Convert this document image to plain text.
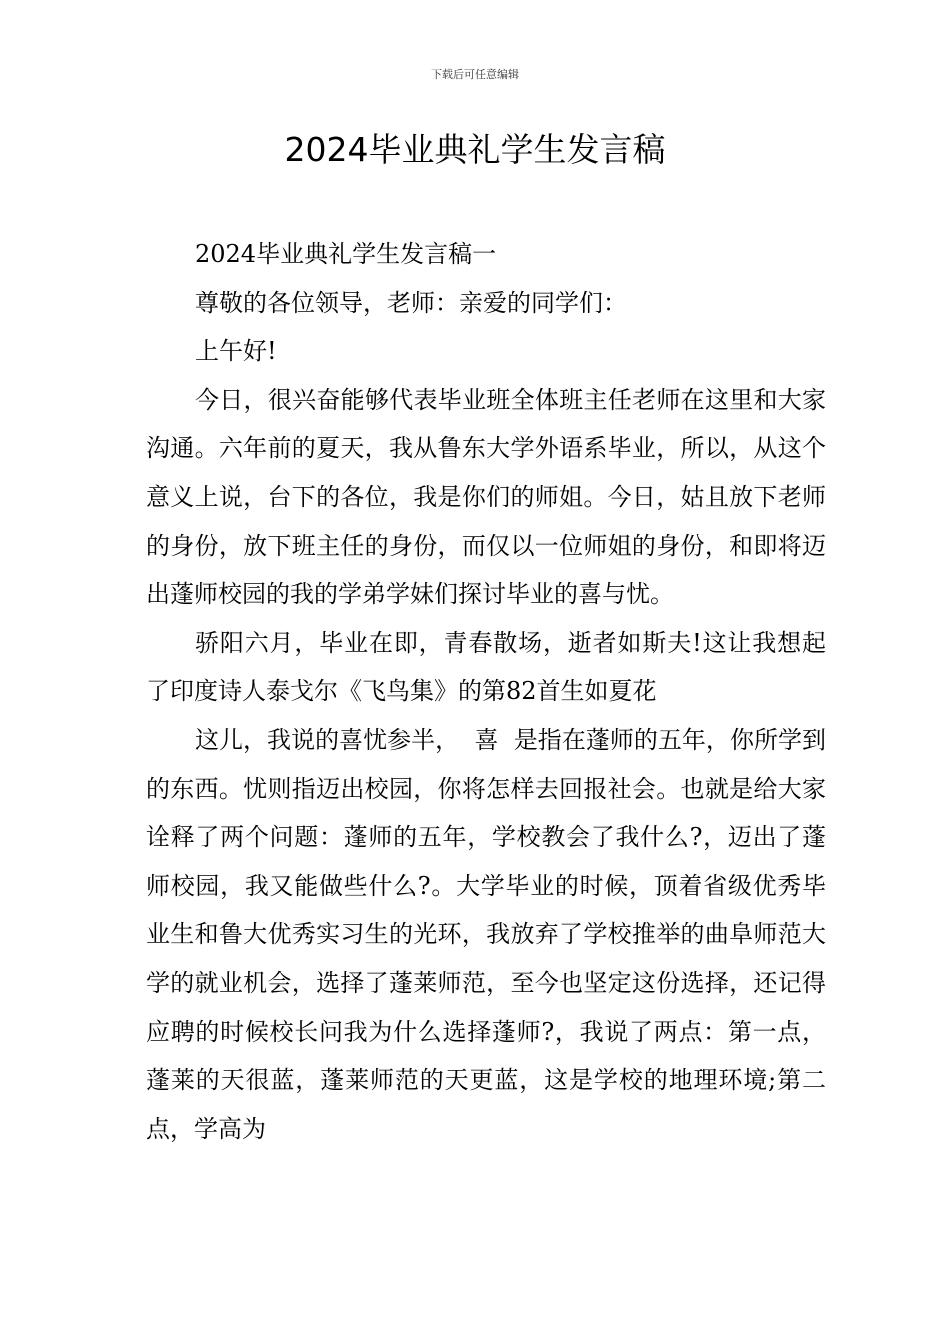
下载后可任意编辑
2024毕业典礼学生发言稿

2024毕业典礼学生发言稿一

尊敬的各位领导，老师：亲爱的同学们：

上午好!

今日，很兴奋能够代表毕业班全体班主任老师在这里和大家沟通。六年前的夏天，我从鲁东大学外语系毕业，所以，从这个意义上说，台下的各位，我是你们的师姐。今日，姑且放下老师的身份，放下班主任的身份，而仅以一位师姐的身份，和即将迈出蓬师校园的我的学弟学妹们探讨毕业的喜与忧。

骄阳六月，毕业在即，青春散场，逝者如斯夫!这让我想起了印度诗人泰戈尔《飞鸟集》的第82首生如夏花

这儿，我说的喜忧参半，  喜  是指在蓬师的五年，你所学到的东西。忧则指迈出校园，你将怎样去回报社会。也就是给大家诠释了两个问题：蓬师的五年，学校教会了我什么?，迈出了蓬师校园，我又能做些什么?。大学毕业的时候，顶着省级优秀毕业生和鲁大优秀实习生的光环，我放弃了学校推举的曲阜师范大学的就业机会，选择了蓬莱师范，至今也坚定这份选择，还记得应聘的时候校长问我为什么选择蓬师?，我说了两点：第一点，蓬莱的天很蓝，蓬莱师范的天更蓝，这是学校的地理环境;第二点，学高为
